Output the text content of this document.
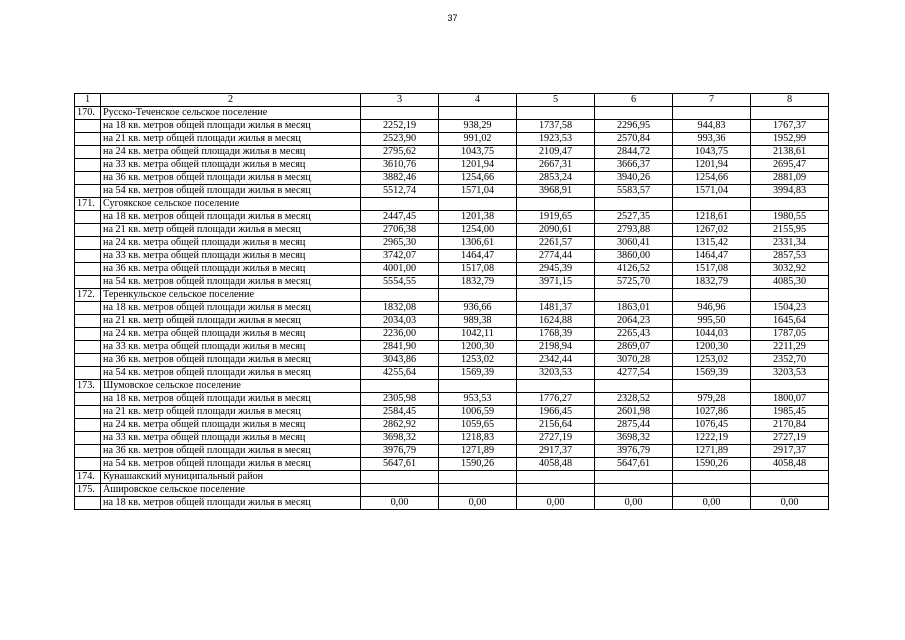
37
1	2	3	4	5	6	7	8
170.	Русско-Теченское сельское поселение						
	на 18 кв. метров общей площади жилья в месяц	2252,19	938,29	1737,58	2296,95	944,83	1767,37
	на 21 кв. метр общей площади жилья в месяц	2523,90	991,02	1923,53	2570,84	993,36	1952,99
	на 24 кв. метра общей площади жилья в месяц	2795,62	1043,75	2109,47	2844,72	1043,75	2138,61
	на 33 кв. метра общей площади жилья в месяц	3610,76	1201,94	2667,31	3666,37	1201,94	2695,47
	на 36 кв. метров общей площади жилья в месяц	3882,46	1254,66	2853,24	3940,26	1254,66	2881,09
	на 54 кв. метров общей площади жилья в месяц	5512,74	1571,04	3968,91	5583,57	1571,04	3994,83
171.	Сугоякское сельское поселение						
	на 18 кв. метров общей площади жилья в месяц	2447,45	1201,38	1919,65	2527,35	1218,61	1980,55
	на 21 кв. метр общей площади жилья в месяц	2706,38	1254,00	2090,61	2793,88	1267,02	2155,95
	на 24 кв. метра общей площади жилья в месяц	2965,30	1306,61	2261,57	3060,41	1315,42	2331,34
	на 33 кв. метра общей площади жилья в месяц	3742,07	1464,47	2774,44	3860,00	1464,47	2857,53
	на 36 кв. метра общей площади жилья в месяц	4001,00	1517,08	2945,39	4126,52	1517,08	3032,92
	на 54 кв. метров общей площади жилья в месяц	5554,55	1832,79	3971,15	5725,70	1832,79	4085,30
172.	Теренкульское сельское поселение						
	на 18 кв. метров общей площади жилья в месяц	1832,08	936,66	1481,37	1863,01	946,96	1504,23
	на 21 кв. метр общей площади жилья в месяц	2034,03	989,38	1624,88	2064,23	995,50	1645,64
	на 24 кв. метра общей площади жилья в месяц	2236,00	1042,11	1768,39	2265,43	1044,03	1787,05
	на 33 кв. метра общей площади жилья в месяц	2841,90	1200,30	2198,94	2869,07	1200,30	2211,29
	на 36 кв. метров общей площади жилья в месяц	3043,86	1253,02	2342,44	3070,28	1253,02	2352,70
	на 54 кв. метров общей площади жилья в месяц	4255,64	1569,39	3203,53	4277,54	1569,39	3203,53
173.	Шумовское сельское поселение						
	на 18 кв. метров общей площади жилья в месяц	2305,98	953,53	1776,27	2328,52	979,28	1800,07
	на 21 кв. метр общей площади жилья в месяц	2584,45	1006,59	1966,45	2601,98	1027,86	1985,45
	на 24 кв. метра общей площади жилья в месяц	2862,92	1059,65	2156,64	2875,44	1076,45	2170,84
	на 33 кв. метра общей площади жилья в месяц	3698,32	1218,83	2727,19	3698,32	1222,19	2727,19
	на 36 кв. метров общей площади жилья в месяц	3976,79	1271,89	2917,37	3976,79	1271,89	2917,37
	на 54 кв. метров общей площади жилья в месяц	5647,61	1590,26	4058,48	5647,61	1590,26	4058,48
174.	Кунашакский муниципальный район						
175.	Ашировское сельское поселение						
	на 18 кв. метров общей площади жилья в месяц	0,00	0,00	0,00	0,00	0,00	0,00
